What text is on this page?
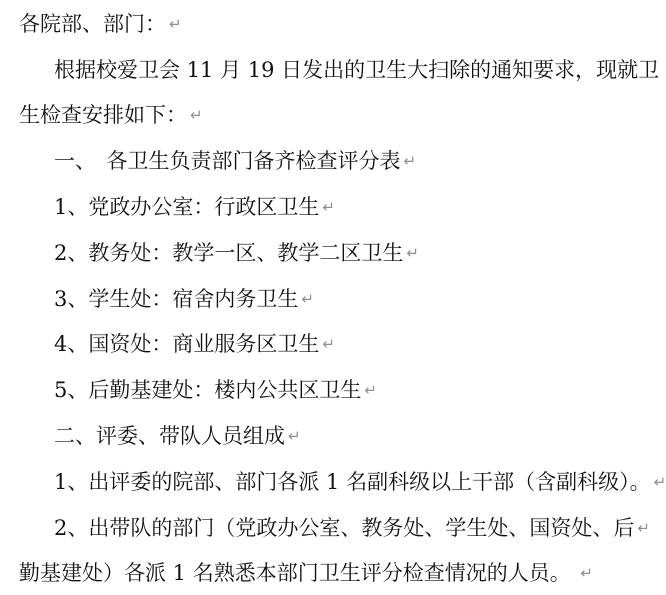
各院部、部门： ↵
根据校爱卫会 11 月 19 日发出的卫生大扫除的通知要求，现就卫
生检查安排如下： ↵
一、　各卫生负责部门备齐检查评分表 ↵
1、党政办公室：行政区卫生 ↵
2、教务处：教学一区、教学二区卫生 ↵
3、学生处：宿舍内务卫生 ↵
4、国资处：商业服务区卫生 ↵
5、后勤基建处：楼内公共区卫生 ↵
二、评委、带队人员组成 ↵
1、出评委的院部、部门各派 1 名副科级以上干部（含副科级）。 ↵
2、出带队的部门（党政办公室、教务处、学生处、国资处、后 ↵
勤基建处）各派 1 名熟悉本部门卫生评分检查情况的人员。 ↵
